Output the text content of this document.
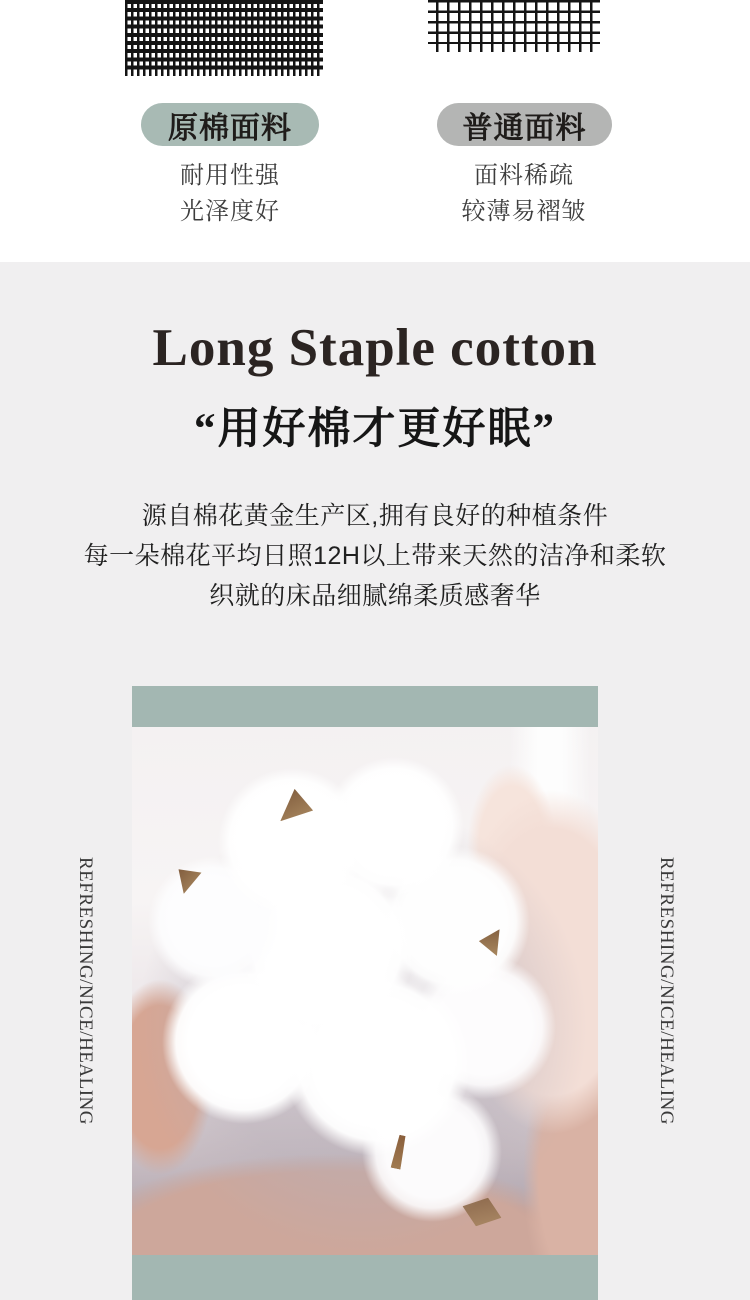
原棉面料	普通面料
耐用性强
光泽度好
面料稀疏
较薄易褶皱
Long Staple cotton
“用好棉才更好眠”
源自棉花黄金生产区,拥有良好的种植条件
每一朵棉花平均日照12H以上带来天然的洁净和柔软
织就的床品细腻绵柔质感奢华
REFRESHING/NICE/HEALING	REFRESHING/NICE/HEALING
